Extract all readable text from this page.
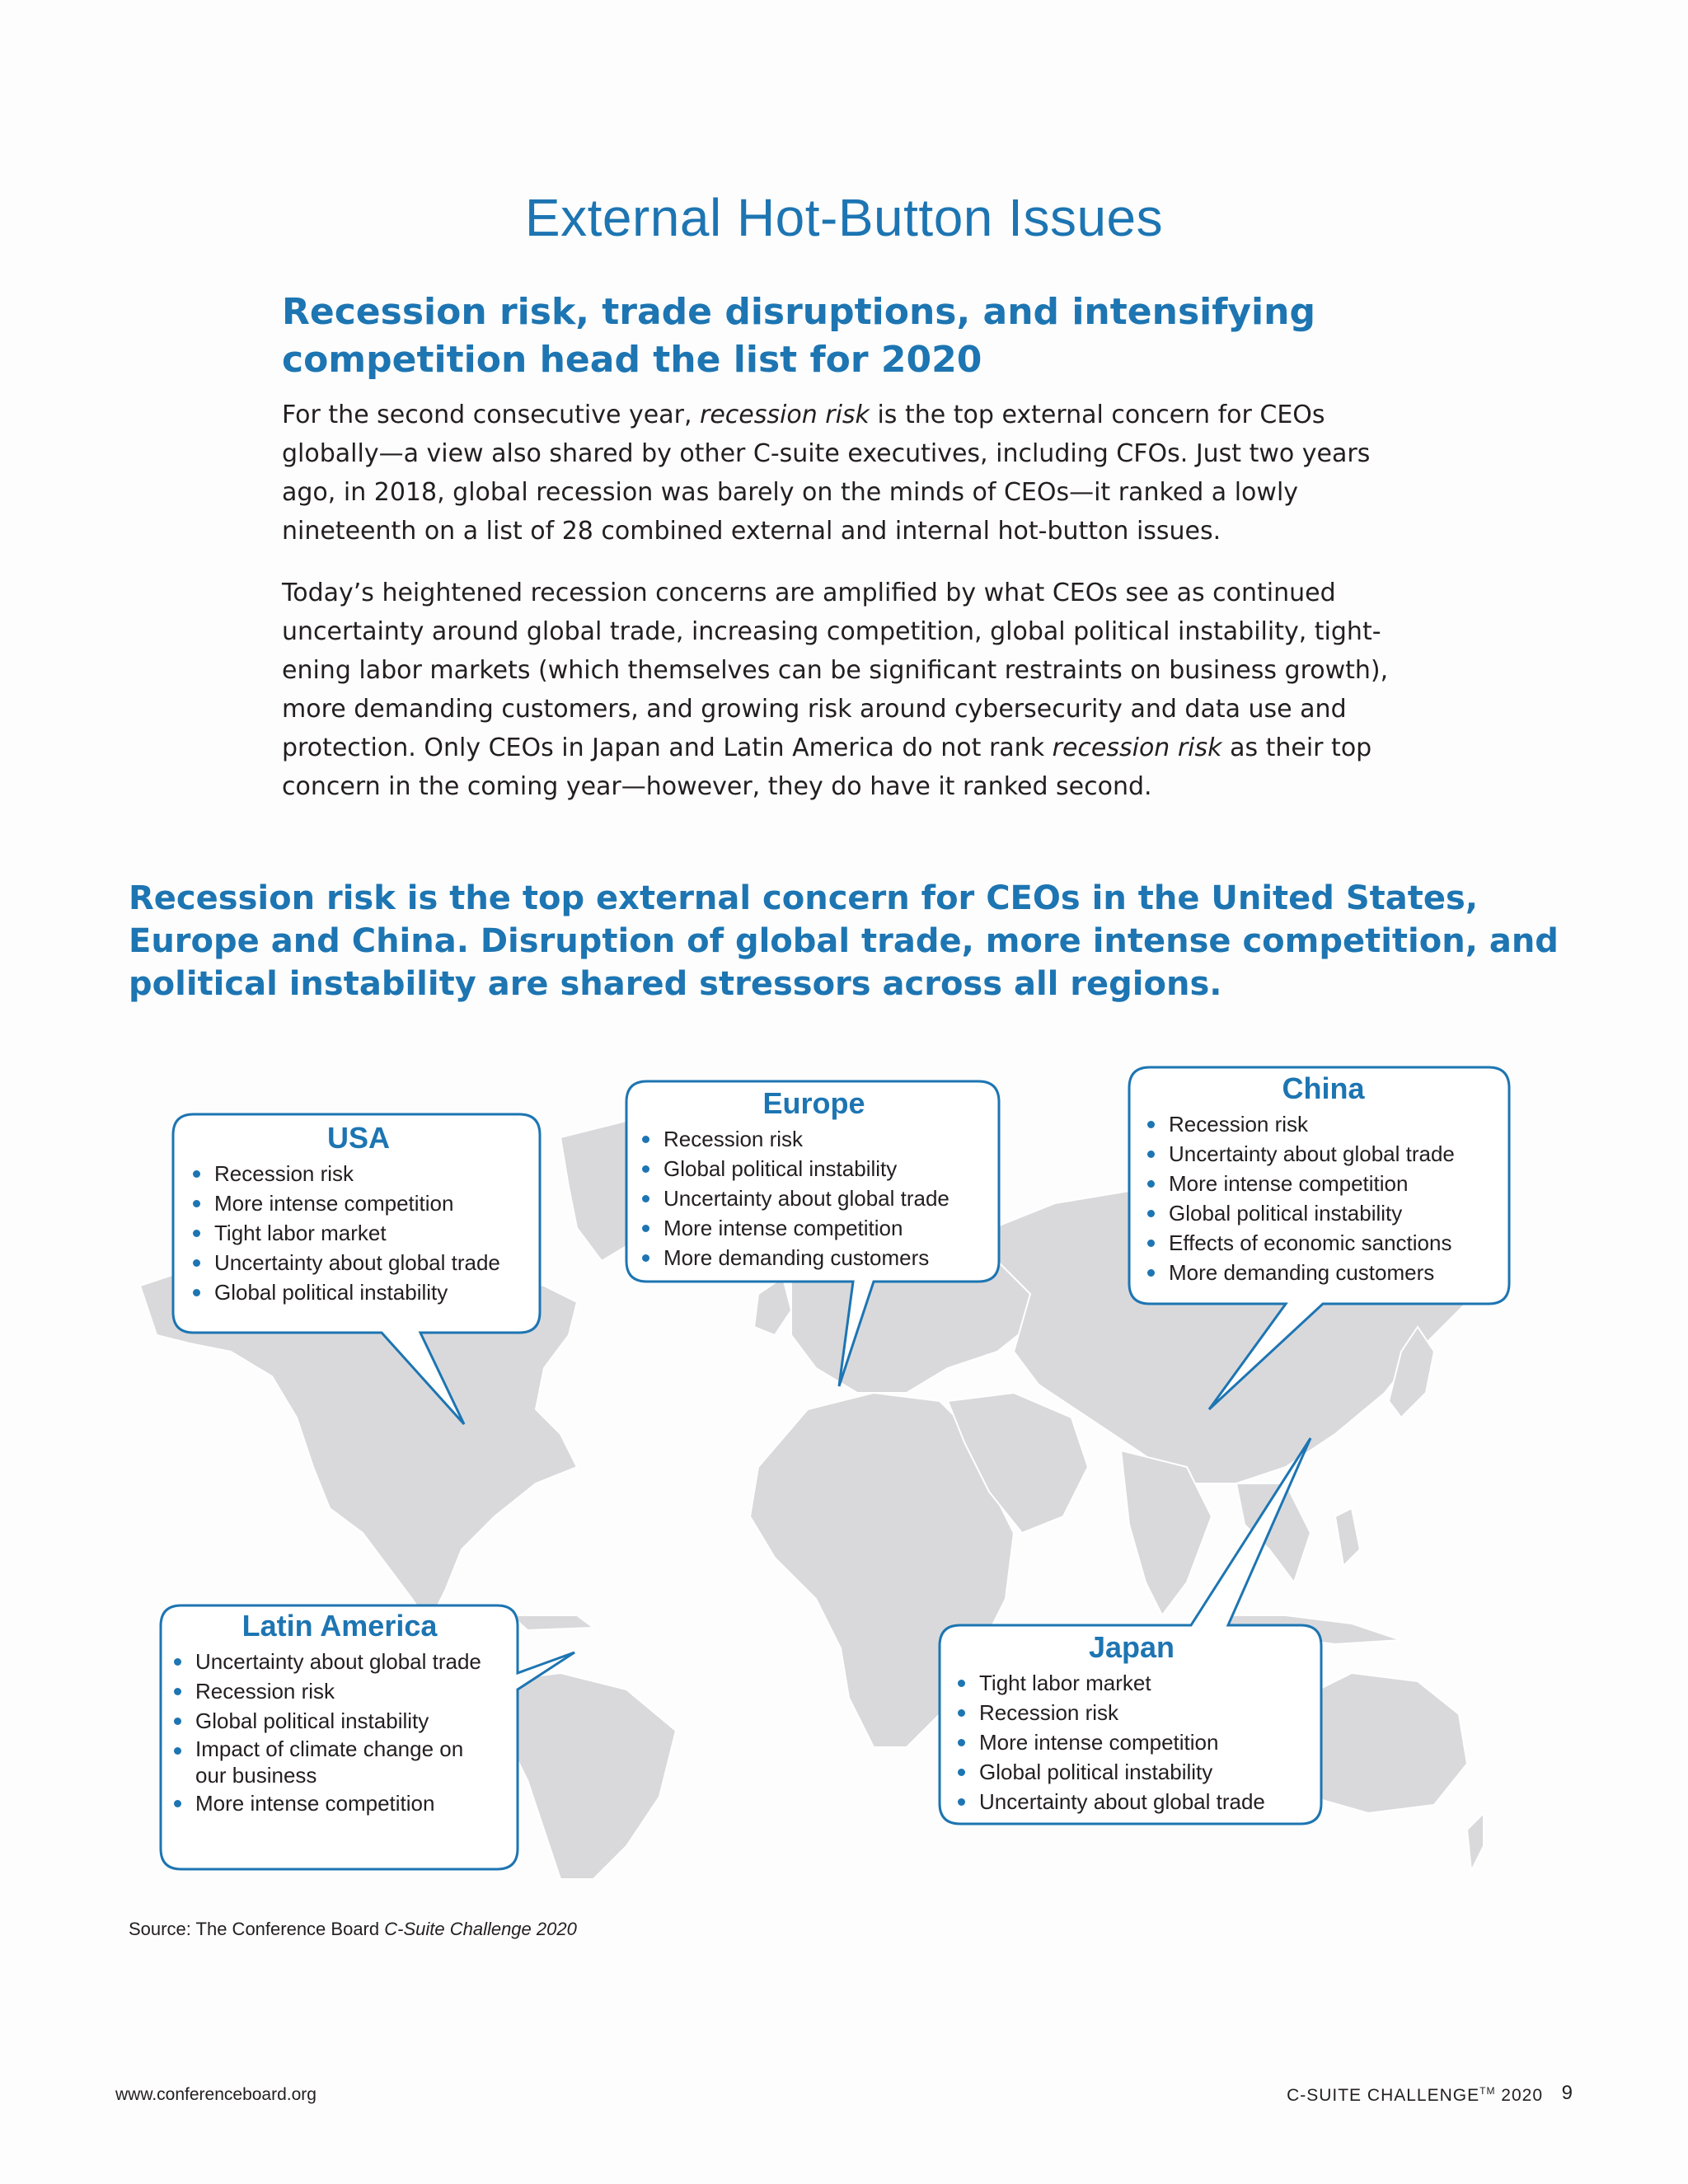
External Hot-Button Issues
Recession risk, trade disruptions, and intensifying competition head the list for 2020

For the second consecutive year, recession risk is the top external concern for CEOs globally—a view also shared by other C-suite executives, including CFOs. Just two years ago, in 2018, global recession was barely on the minds of CEOs—it ranked a lowly nineteenth on a list of 28 combined external and internal hot-button issues.

Today’s heightened recession concerns are amplified by what CEOs see as continued uncertainty around global trade, increasing competition, global political instability, tight-ening labor markets (which themselves can be significant restraints on business growth), more demanding customers, and growing risk around cybersecurity and data use and protection. Only CEOs in Japan and Latin America do not rank recession risk as their top concern in the coming year—however, they do have it ranked second.

Recession risk is the top external concern for CEOs in the United States, Europe and China. Disruption of global trade, more intense competition, and political instability are shared stressors across all regions.
USA
Recession risk
More intense competition
Tight labor market
Uncertainty about global trade
Global political instability
Europe
Recession risk
Global political instability
Uncertainty about global trade
More intense competition
More demanding customers
China
Recession risk
Uncertainty about global trade
More intense competition
Global political instability
Effects of economic sanctions
More demanding customers
Latin America
Uncertainty about global trade
Recession risk
Global political instability
Impact of climate change on our business
More intense competition
Japan
Tight labor market
Recession risk
More intense competition
Global political instability
Uncertainty about global trade
Source: The Conference Board C-Suite Challenge 2020
www.conferenceboard.org	C-SUITE CHALLENGE™ 2020 9
